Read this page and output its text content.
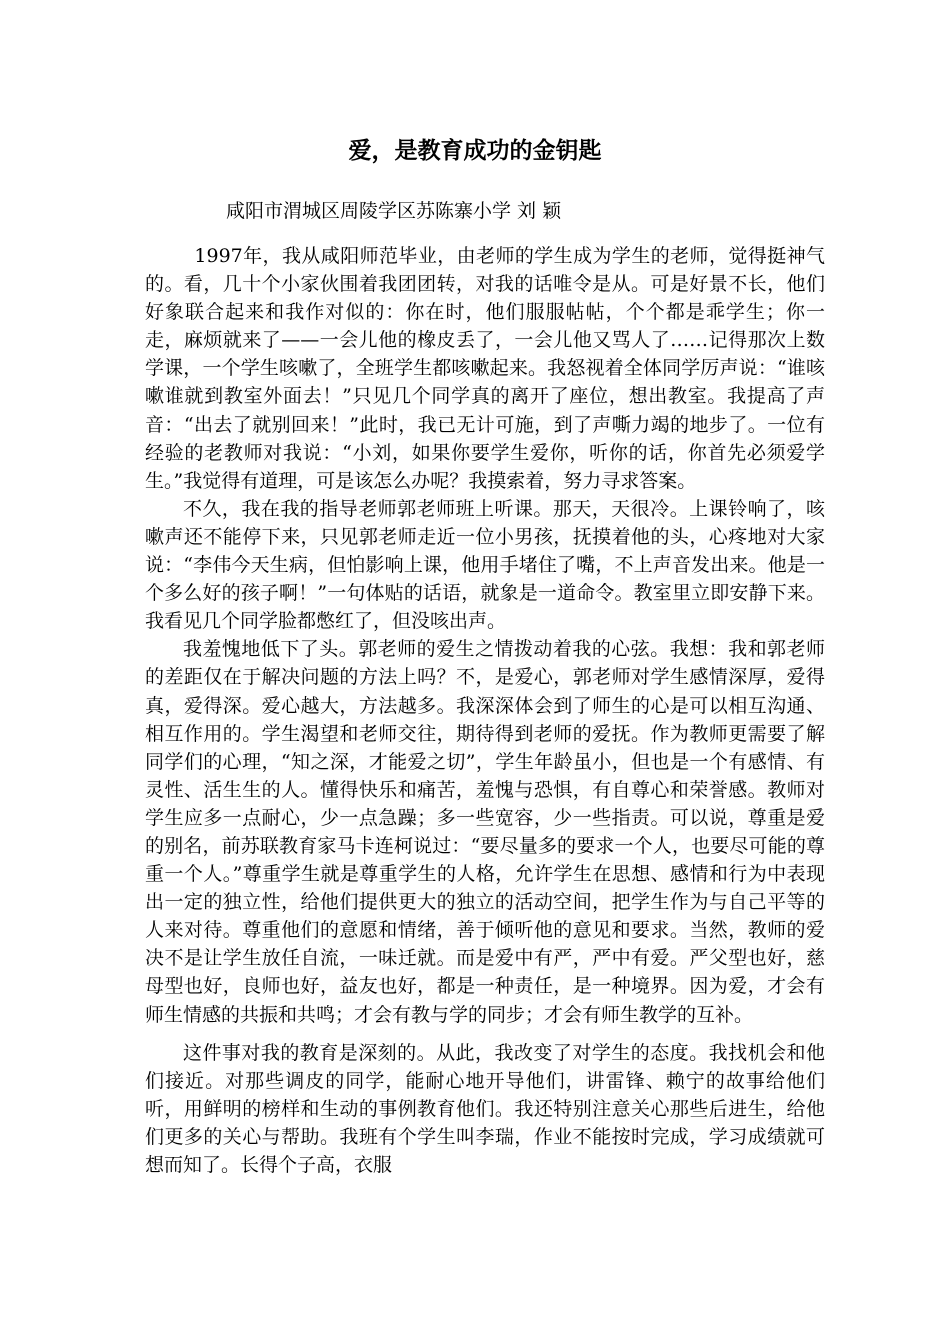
爱，是教育成功的金钥匙

咸阳市渭城区周陵学区苏陈寨小学 刘 颖

1997年，我从咸阳师范毕业，由老师的学生成为学生的老师，觉得挺神气的。看，几十个小家伙围着我团团转，对我的话唯令是从。可是好景不长，他们好象联合起来和我作对似的：你在时，他们服服帖帖，个个都是乖学生；你一走，麻烦就来了——一会儿他的橡皮丢了，一会儿他又骂人了……记得那次上数学课，一个学生咳嗽了，全班学生都咳嗽起来。我怒视着全体同学厉声说：“谁咳嗽谁就到教室外面去！”只见几个同学真的离开了座位，想出教室。我提高了声音：“出去了就别回来！”此时，我已无计可施，到了声嘶力竭的地步了。一位有经验的老教师对我说：“小刘，如果你要学生爱你，听你的话，你首先必须爱学生。”我觉得有道理，可是该怎么办呢？我摸索着，努力寻求答案。

不久，我在我的指导老师郭老师班上听课。那天，天很冷。上课铃响了，咳嗽声还不能停下来，只见郭老师走近一位小男孩，抚摸着他的头，心疼地对大家说：“李伟今天生病，但怕影响上课，他用手堵住了嘴，不上声音发出来。他是一个多么好的孩子啊！”一句体贴的话语，就象是一道命令。教室里立即安静下来。我看见几个同学脸都憋红了，但没咳出声。

我羞愧地低下了头。郭老师的爱生之情拨动着我的心弦。我想：我和郭老师的差距仅在于解决问题的方法上吗？不，是爱心，郭老师对学生感情深厚，爱得真，爱得深。爱心越大，方法越多。我深深体会到了师生的心是可以相互沟通、相互作用的。学生渴望和老师交往，期待得到老师的爱抚。作为教师更需要了解同学们的心理，“知之深，才能爱之切”，学生年龄虽小，但也是一个有感情、有灵性、活生生的人。懂得快乐和痛苦，羞愧与恐惧，有自尊心和荣誉感。教师对学生应多一点耐心，少一点急躁；多一些宽容，少一些指责。可以说，尊重是爱的别名，前苏联教育家马卡连柯说过：“要尽量多的要求一个人，也要尽可能的尊重一个人。”尊重学生就是尊重学生的人格，允许学生在思想、感情和行为中表现出一定的独立性，给他们提供更大的独立的活动空间，把学生作为与自己平等的人来对待。尊重他们的意愿和情绪，善于倾听他的意见和要求。当然，教师的爱决不是让学生放任自流，一味迁就。而是爱中有严，严中有爱。严父型也好，慈母型也好，良师也好，益友也好，都是一种责任，是一种境界。因为爱，才会有师生情感的共振和共鸣；才会有教与学的同步；才会有师生教学的互补。

这件事对我的教育是深刻的。从此，我改变了对学生的态度。我找机会和他们接近。对那些调皮的同学，能耐心地开导他们，讲雷锋、赖宁的故事给他们听，用鲜明的榜样和生动的事例教育他们。我还特别注意关心那些后进生，给他们更多的关心与帮助。我班有个学生叫李瑞，作业不能按时完成，学习成绩就可想而知了。长得个子高，衣服
